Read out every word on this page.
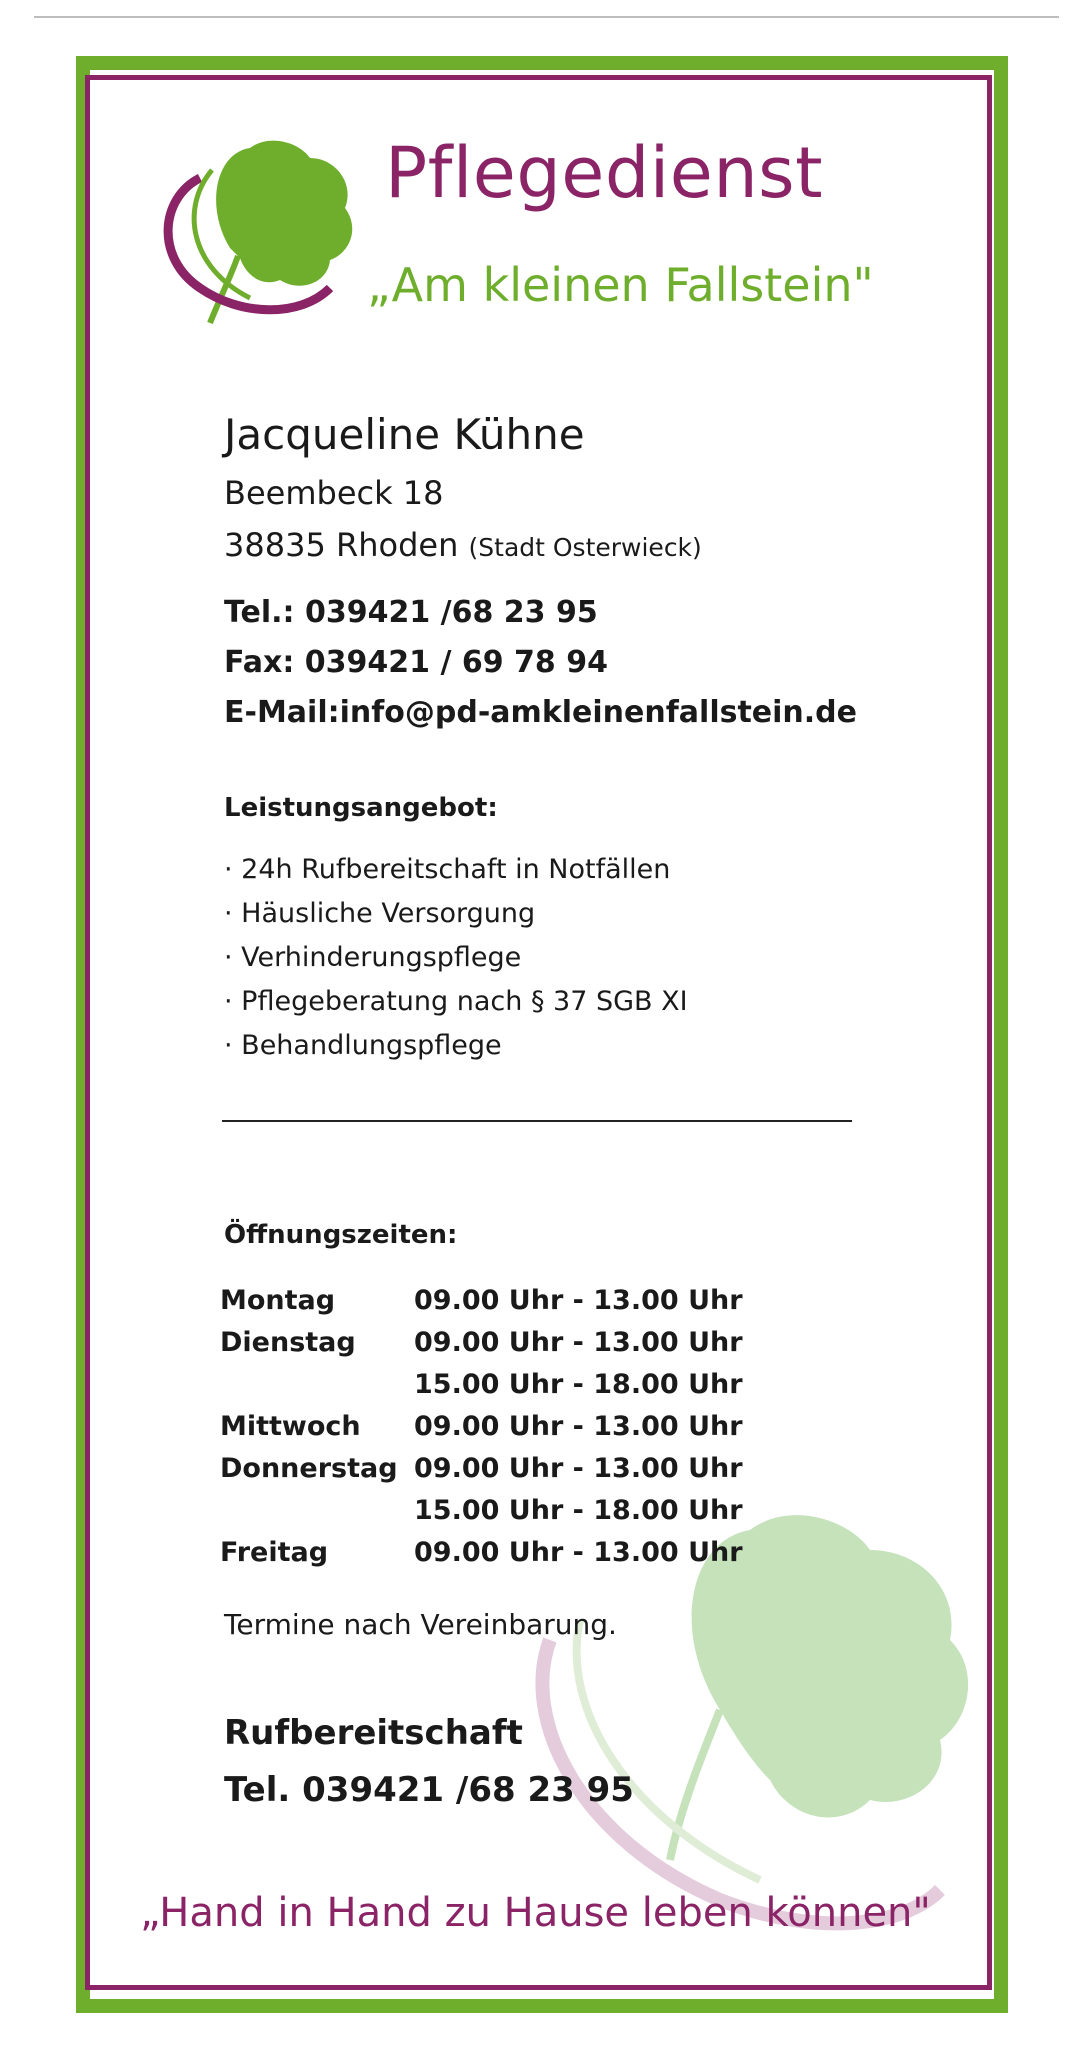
Pflegedienst
„Am kleinen Fallstein"
Jacqueline Kühne
Beembeck 18
38835 Rhoden (Stadt Osterwieck)
Tel.: 039421 /68 23 95
Fax: 039421 / 69 78 94
E-Mail:info@pd-amkleinenfallstein.de
Leistungsangebot:
· 24h Rufbereitschaft in Notfällen
· Häusliche Versorgung
· Verhinderungspflege
· Pflegeberatung nach § 37 SGB XI
· Behandlungspflege
Öffnungszeiten:
Montag	09.00 Uhr - 13.00 Uhr
Dienstag	09.00 Uhr - 13.00 Uhr
15.00 Uhr - 18.00 Uhr
Mittwoch	09.00 Uhr - 13.00 Uhr
Donnerstag 09.00 Uhr - 13.00 Uhr
15.00 Uhr - 18.00 Uhr
Freitag	09.00 Uhr - 13.00 Uhr
Termine nach Vereinbarung.
Rufbereitschaft
Tel. 039421 /68 23 95
„Hand in Hand zu Hause leben können"
